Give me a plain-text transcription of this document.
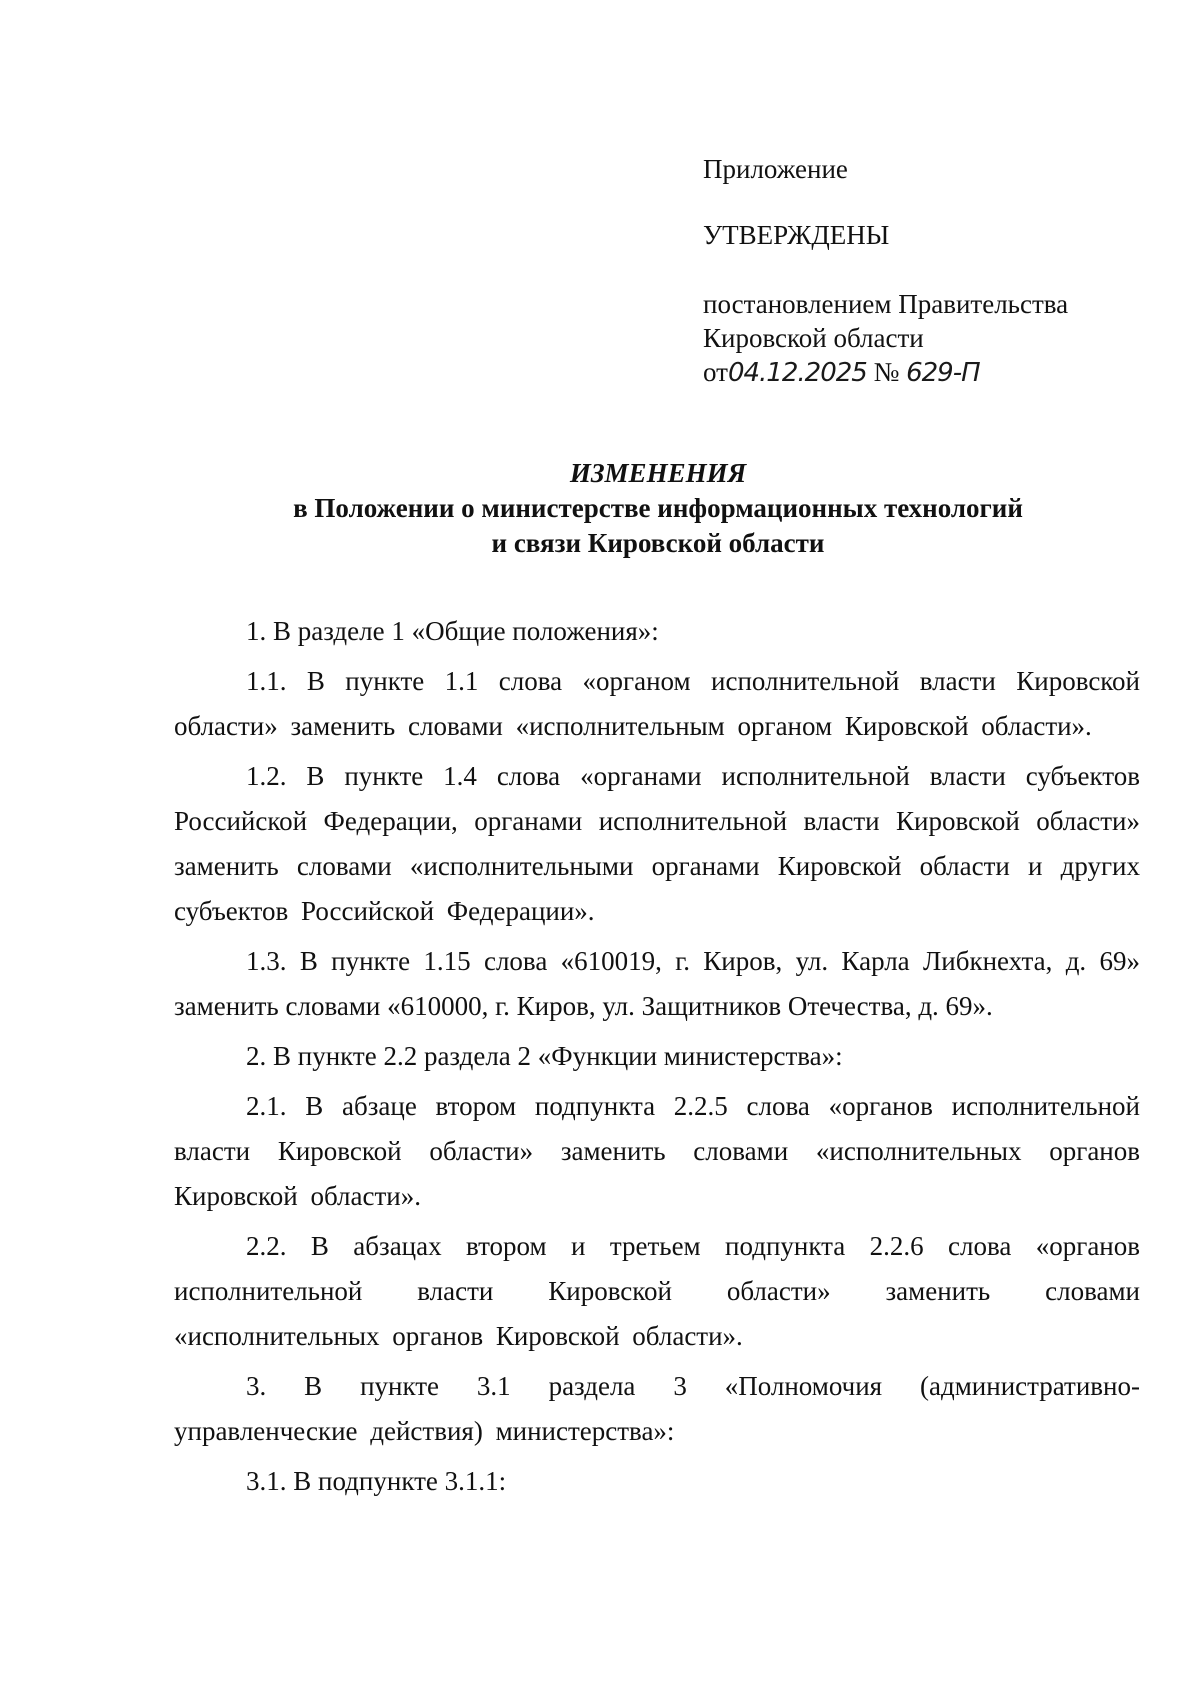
Приложение
УТВЕРЖДЕНЫ
постановлением Правительства
Кировской области
от04.12.2025 № 629-П
ИЗМЕНЕНИЯ
в Положении о министерстве информационных технологий
и связи Кировской области

1. В разделе 1 «Общие положения»:

1.1. В пункте 1.1 слова «органом исполнительной власти Кировской области» заменить словами «исполнительным органом Кировской области».

1.2. В пункте 1.4 слова «органами исполнительной власти субъектов Российской Федерации, органами исполнительной власти Кировской области» заменить словами «исполнительными органами Кировской области и других субъектов Российской Федерации».

1.3. В пункте 1.15 слова «610019, г. Киров, ул. Карла Либкнехта, д. 69» заменить словами «610000, г. Киров, ул. Защитников Отечества, д. 69».

2. В пункте 2.2 раздела 2 «Функции министерства»:

2.1. В абзаце втором подпункта 2.2.5 слова «органов исполнительной власти Кировской области» заменить словами «исполнительных органов Кировской области».

2.2. В абзацах втором и третьем подпункта 2.2.6 слова «органов исполнительной власти Кировской области» заменить словами «исполнительных органов Кировской области».

3. В пункте 3.1 раздела 3 «Полномочия (административно-управленческие действия) министерства»:

3.1. В подпункте 3.1.1:
